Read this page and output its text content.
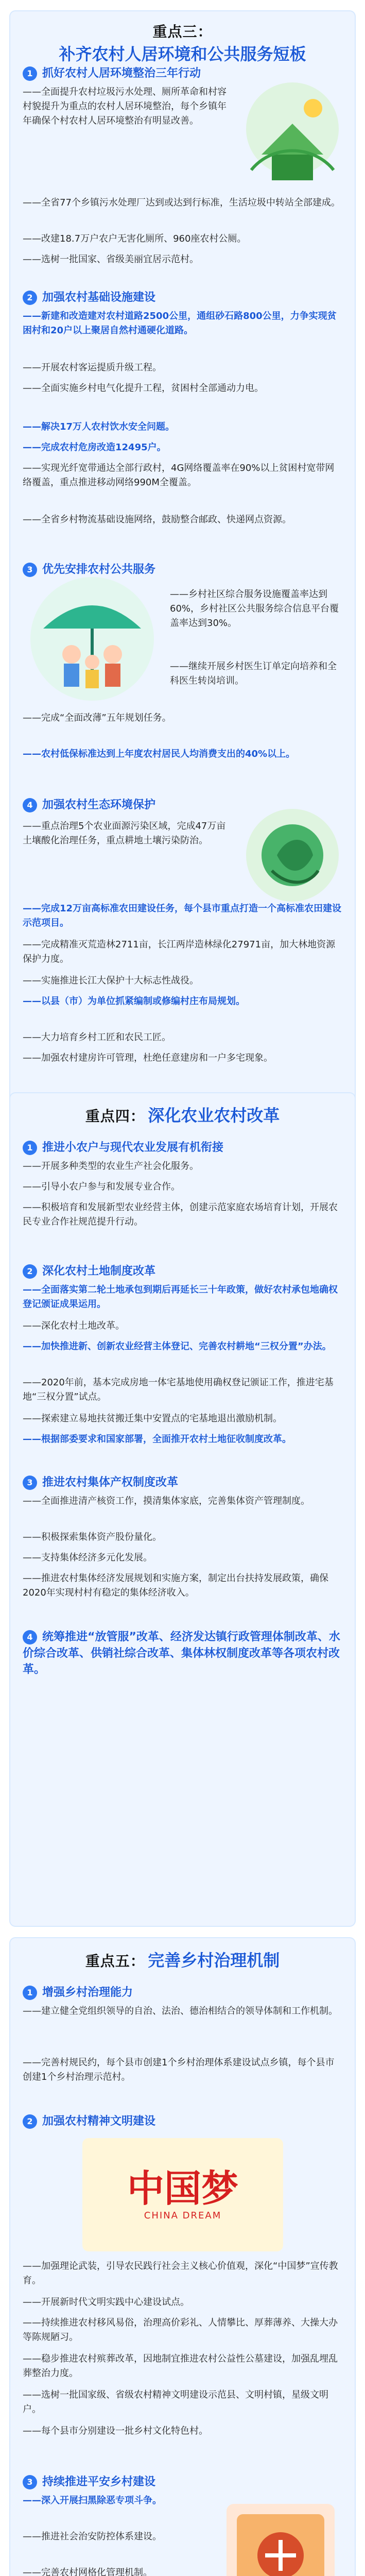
重点三：
补齐农村人居环境和公共服务短板
1 抓好农村人居环境整治三年行动
——全面提升农村垃圾污水处理、厕所革命和村容村貌提升为重点的农村人居环境整治，每个乡镇年年确保个村农村人居环境整治有明显改善。
——全省77个乡镇污水处理厂达到或达到行标准，生活垃圾中转站全部建成。
——改建18.7万户农户无害化厕所、960座农村公厕。
——选树一批国家、省级美丽宜居示范村。
2 加强农村基础设施建设
——新建和改造建对农村道路2500公里，通组砂石路800公里，力争实现贫困村和20户以上聚居自然村通硬化道路。
——开展农村客运提质升级工程。
——全面实施乡村电气化提升工程，贫困村全部通动力电。
——解决17万人农村饮水安全问题。
——完成农村危房改造12495户。
——实现光纤宽带通达全部行政村，4G网络覆盖率在90%以上贫困村宽带网络覆盖，重点推进移动网络990M全覆盖。
——全省乡村物流基础设施网络，鼓励整合邮政、快递网点资源。
3 优先安排农村公共服务
——乡村社区综合服务设施覆盖率达到60%，乡村社区公共服务综合信息平台覆盖率达到30%。
——继续开展乡村医生订单定向培养和全科医生转岗培训。
——完成“全面改薄”五年规划任务。
——农村低保标准达到上年度农村居民人均消费支出的40%以上。
4 加强农村生态环境保护
——重点治理5个农业面源污染区域，完成47万亩土壤酸化治理任务，重点耕地土壤污染防治。
——完成12万亩高标准农田建设任务，每个县市重点打造一个高标准农田建设示范项目。
——完成精准灭荒造林2711亩，长江两岸造林绿化27971亩，加大林地资源保护力度。
——实施推进长江大保护十大标志性战役。
——以县（市）为单位抓紧编制或修编村庄布局规划。
——大力培育乡村工匠和农民工匠。
——加强农村建房许可管理，杜绝任意建房和一户多宅现象。
重点四： 深化农业农村改革
1 推进小农户与现代农业发展有机衔接
——开展多种类型的农业生产社会化服务。
——引导小农户参与和发展专业合作。
——积极培育和发展新型农业经营主体，创建示范家庭农场培育计划，开展农民专业合作社规范提升行动。
2 深化农村土地制度改革
——全面落实第二轮土地承包到期后再延长三十年政策，做好农村承包地确权登记颁证成果运用。
——深化农村土地改革。
——加快推进新、创新农业经营主体登记、完善农村耕地“三权分置”办法。
——2020年前，基本完成房地一体宅基地使用确权登记颁证工作，推进宅基地“三权分置”试点。
——探索建立易地扶贫搬迁集中安置点的宅基地退出激励机制。
——根据部委要求和国家部署，全面推开农村土地征收制度改革。
3 推进农村集体产权制度改革
——全面推进清产核资工作，摸清集体家底，完善集体资产管理制度。
——积极探索集体资产股份量化。
——支持集体经济多元化发展。
——推进农村集体经济发展规划和实施方案，制定出台扶持发展政策，确保2020年实现村村有稳定的集体经济收入。
4 统筹推进“放管服”改革、经济发达镇行政管理体制改革、水价综合改革、供销社综合改革、集体林权制度改革等各项农村改革。
重点五： 完善乡村治理机制
1 增强乡村治理能力
——建立健全党组织领导的自治、法治、德治相结合的领导体制和工作机制。
——完善村规民约，每个县市创建1个乡村治理体系建设试点乡镇，每个县市创建1个乡村治理示范村。
2 加强农村精神文明建设
中国梦
CHINA DREAM
——加强理论武装，引导农民践行社会主义核心价值观，深化“中国梦”宣传教育。
——开展新时代文明实践中心建设试点。
——持续推进农村移风易俗，治理高价彩礼、人情攀比、厚葬薄养、大操大办等陈规陋习。
——稳步推进农村殡葬改革，因地制宜推进农村公益性公墓建设，加强乱埋乱葬整治力度。
——选树一批国家级、省级农村精神文明建设示范县、文明村镇，星级文明户。
——每个县市分别建设一批乡村文化特色村。
3 持续推进平安乡村建设
——深入开展扫黑除恶专项斗争。
——推进社会治安防控体系建设。
——完善农村网格化管理机制。
